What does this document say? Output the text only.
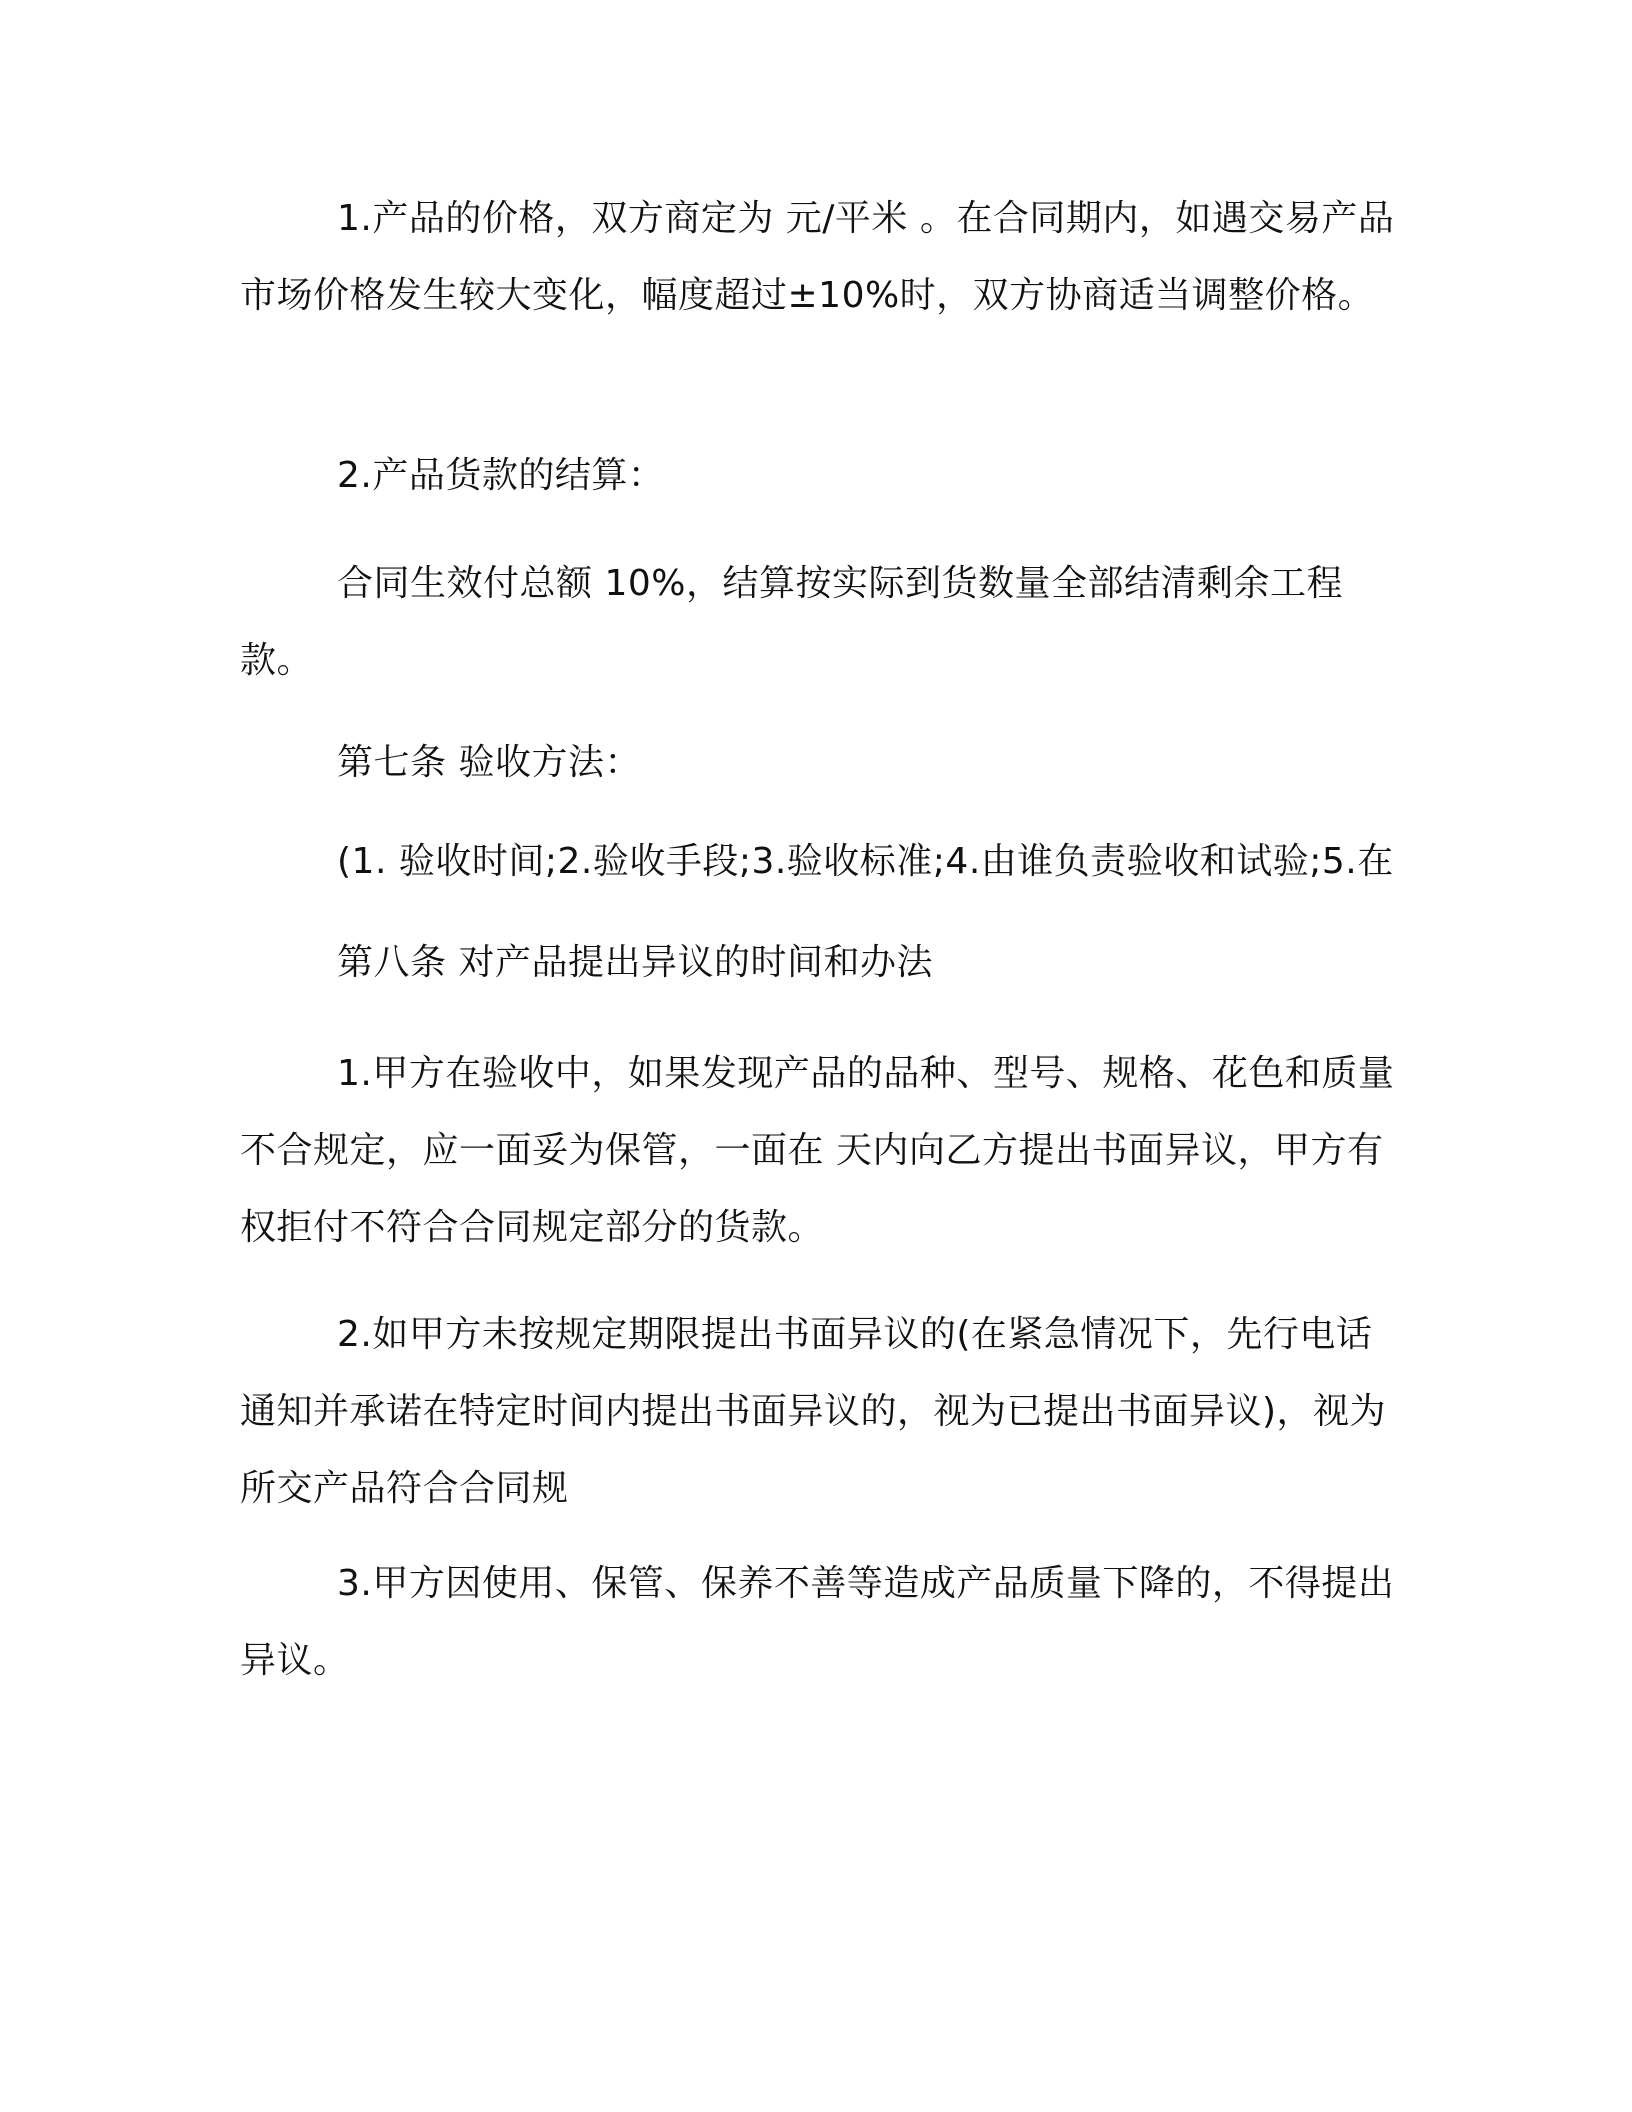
1.产品的价格，双方商定为 元/平米 。在合同期内，如遇交易产品市场价格发生较大变化，幅度超过±10%时，双方协商适当调整价格。

2.产品货款的结算：

合同生效付总额 10%，结算按实际到货数量全部结清剩余工程款。

第七条 验收方法：

(1. 验收时间;2.验收手段;3.验收标准;4.由谁负责验收和试验;5.在

第八条 对产品提出异议的时间和办法

1.甲方在验收中，如果发现产品的品种、型号、规格、花色和质量不合规定，应一面妥为保管，一面在 天内向乙方提出书面异议，甲方有权拒付不符合合同规定部分的货款。

2.如甲方未按规定期限提出书面异议的(在紧急情况下，先行电话通知并承诺在特定时间内提出书面异议的，视为已提出书面异议)，视为所交产品符合合同规

3.甲方因使用、保管、保养不善等造成产品质量下降的，不得提出异议。
